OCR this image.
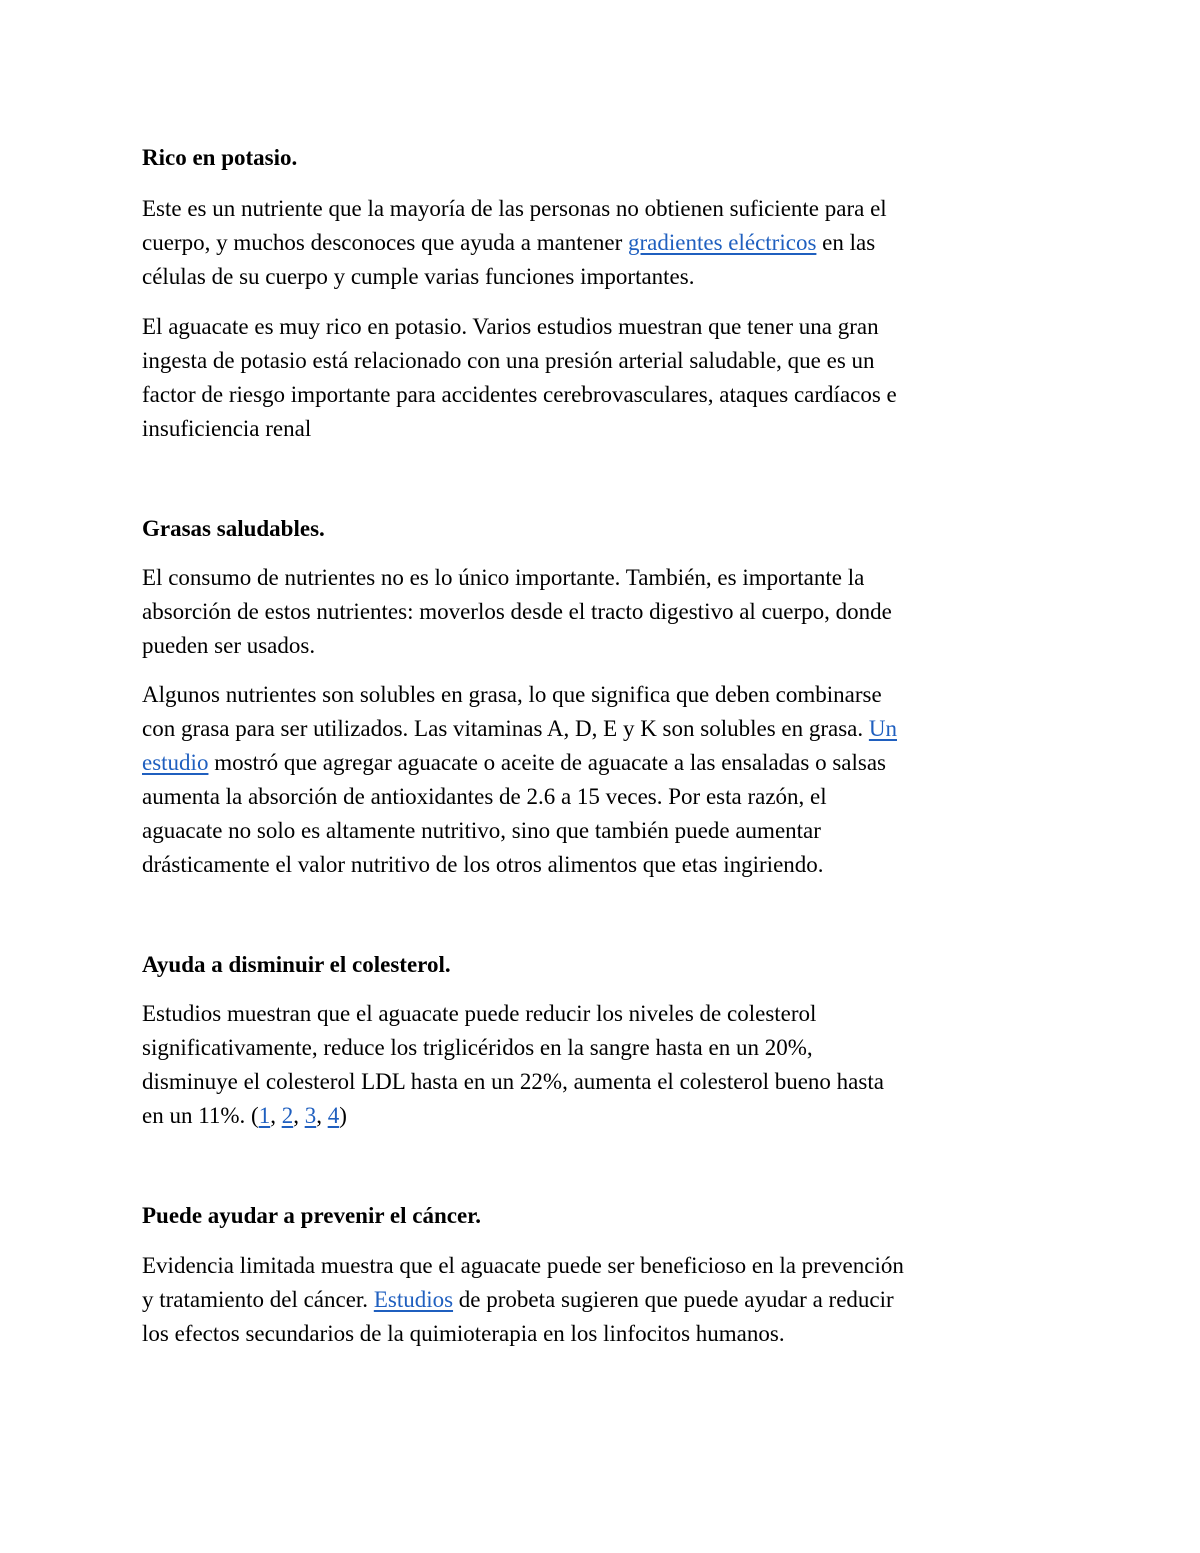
Rico en potasio.
Este es un nutriente que la mayoría de las personas no obtienen suficiente para el
cuerpo, y muchos desconoces que ayuda a mantener gradientes eléctricos en las
células de su cuerpo y cumple varias funciones importantes.
El aguacate es muy rico en potasio. Varios estudios muestran que tener una gran
ingesta de potasio está relacionado con una presión arterial saludable, que es un
factor de riesgo importante para accidentes cerebrovasculares, ataques cardíacos e
insuficiencia renal
Grasas saludables.
El consumo de nutrientes no es lo único importante. También, es importante la
absorción de estos nutrientes: moverlos desde el tracto digestivo al cuerpo, donde
pueden ser usados.
Algunos nutrientes son solubles en grasa, lo que significa que deben combinarse
con grasa para ser utilizados. Las vitaminas A, D, E y K son solubles en grasa. Un
estudio mostró que agregar aguacate o aceite de aguacate a las ensaladas o salsas
aumenta la absorción de antioxidantes de 2.6 a 15 veces. Por esta razón, el
aguacate no solo es altamente nutritivo, sino que también puede aumentar
drásticamente el valor nutritivo de los otros alimentos que etas ingiriendo.
Ayuda a disminuir el colesterol.
Estudios muestran que el aguacate puede reducir los niveles de colesterol
significativamente, reduce los triglicéridos en la sangre hasta en un 20%,
disminuye el colesterol LDL hasta en un 22%, aumenta el colesterol bueno hasta
en un 11%. (1, 2, 3, 4)
Puede ayudar a prevenir el cáncer.
Evidencia limitada muestra que el aguacate puede ser beneficioso en la prevención
y tratamiento del cáncer. Estudios de probeta sugieren que puede ayudar a reducir
los efectos secundarios de la quimioterapia en los linfocitos humanos.
